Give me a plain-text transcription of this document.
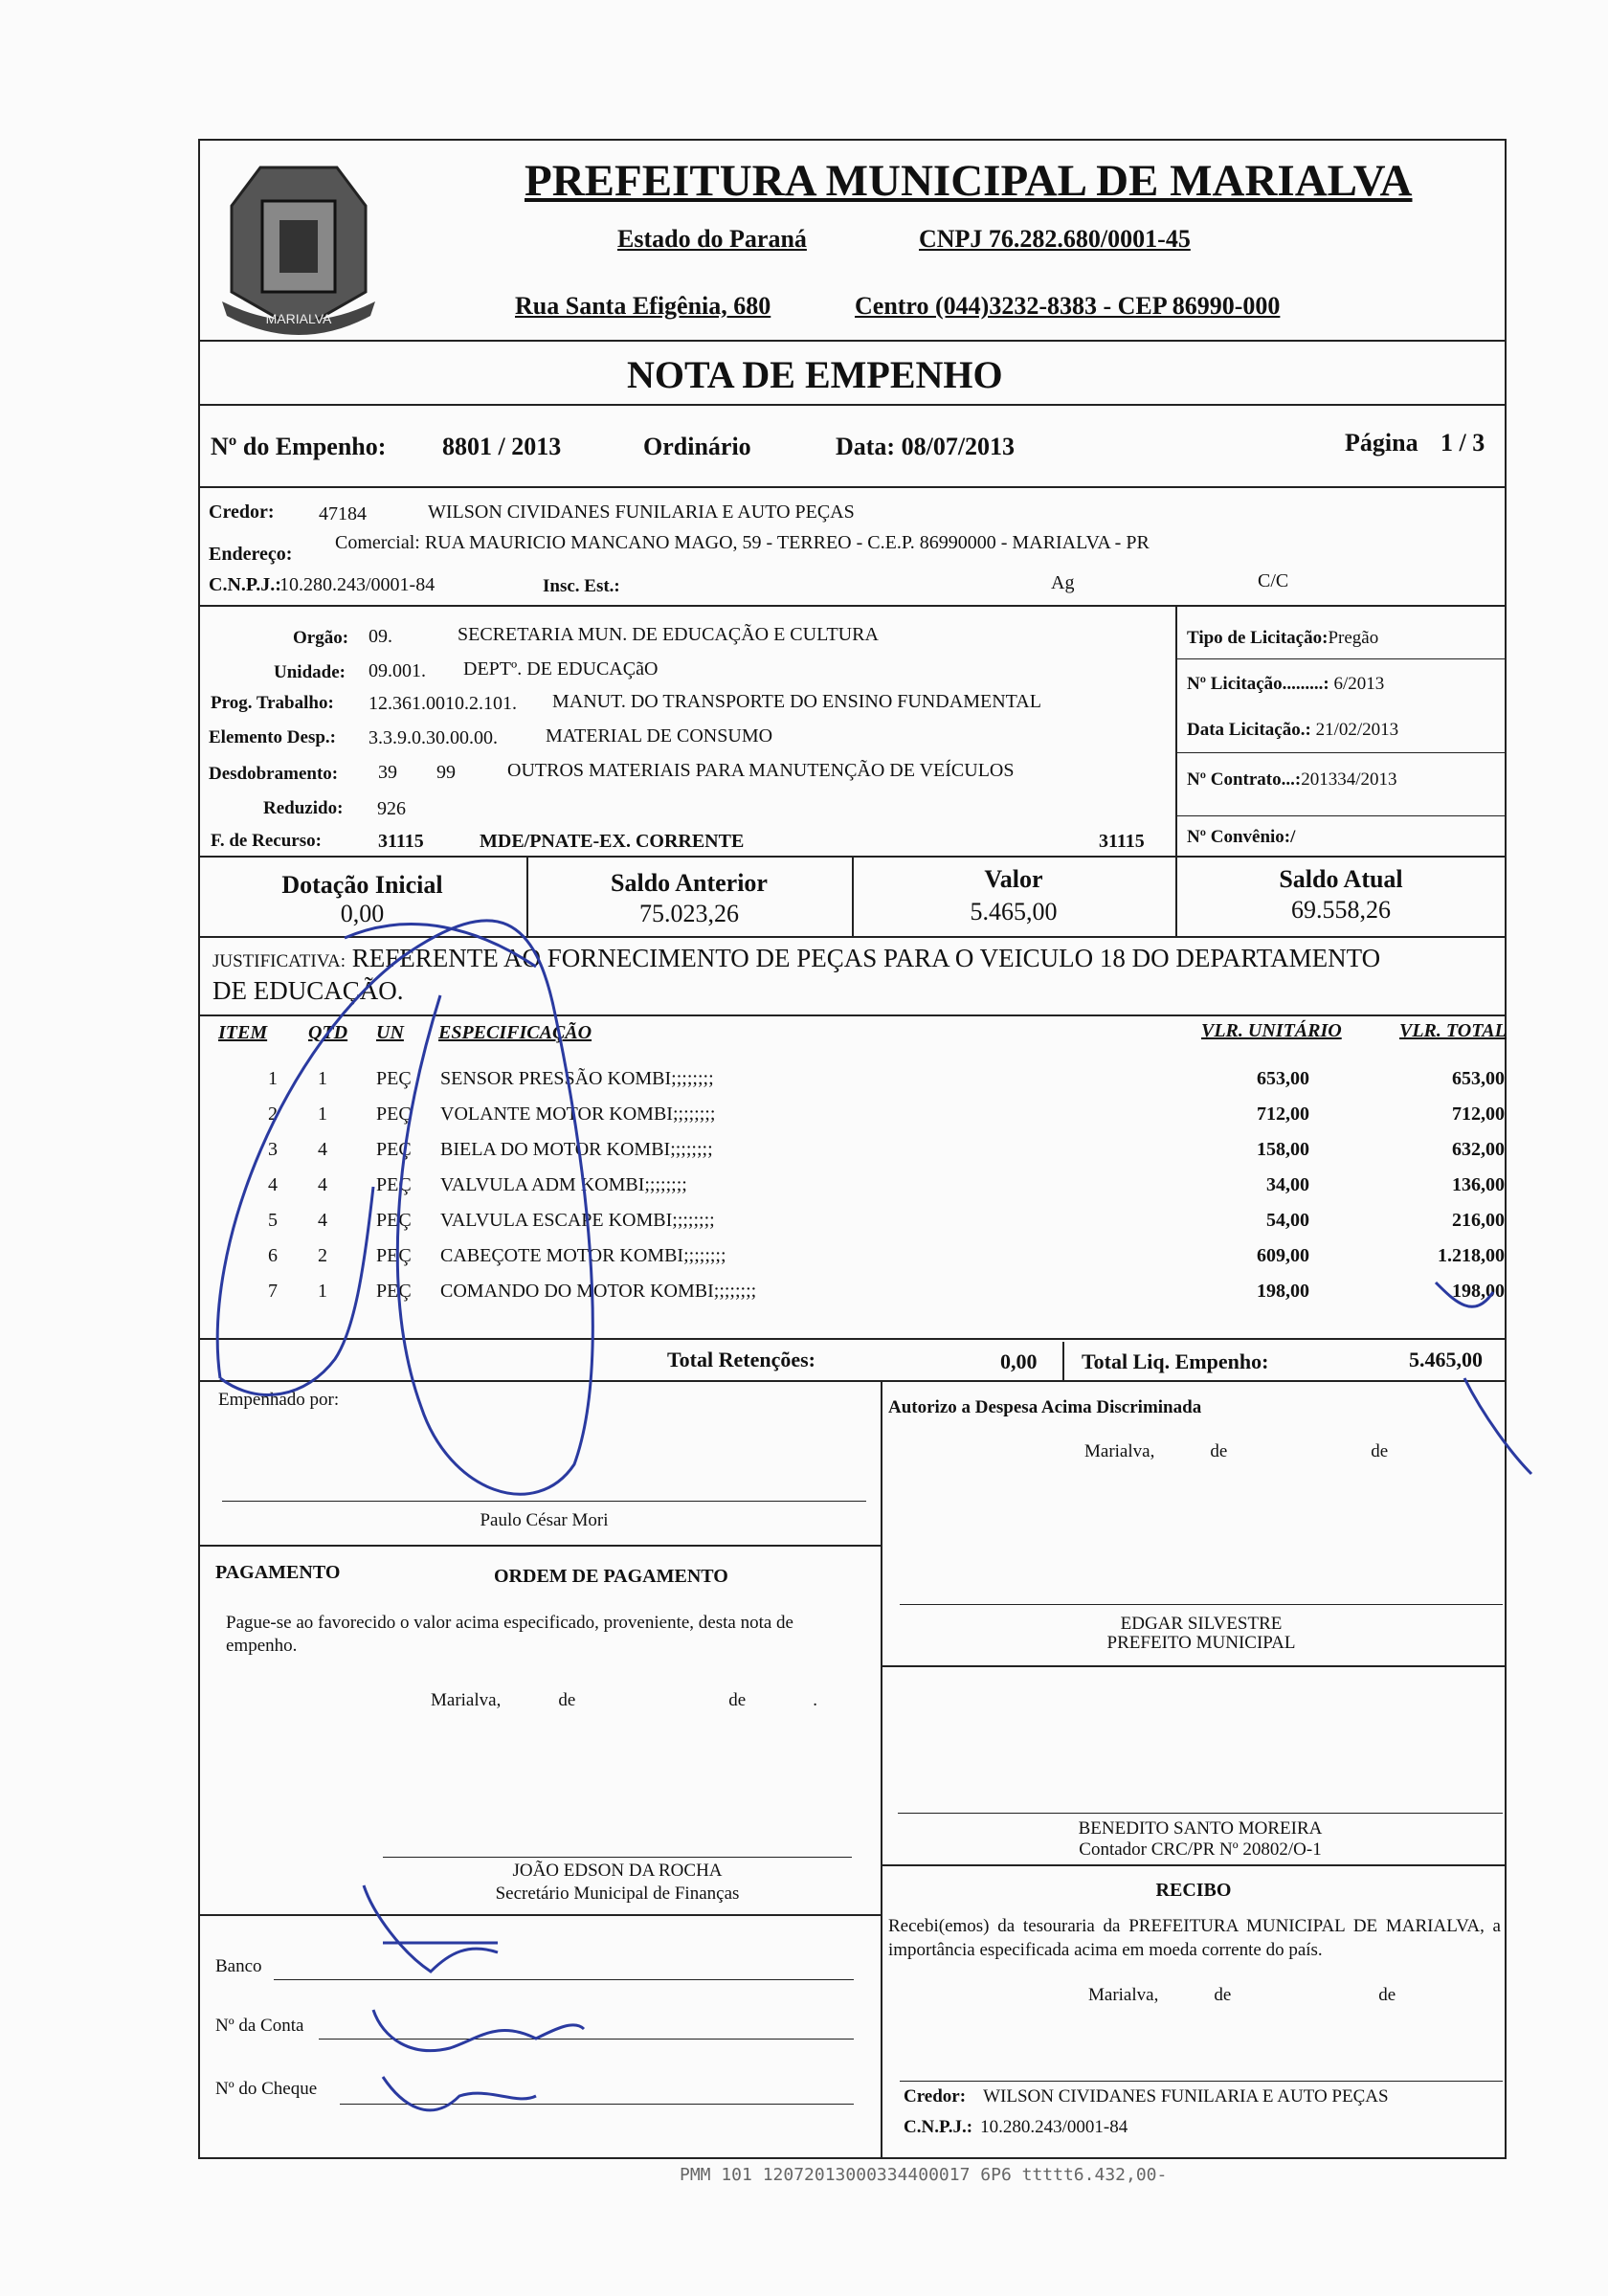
MARIALVA
PREFEITURA MUNICIPAL DE MARIALVA
Estado do Paraná	CNPJ 76.282.680/0001-45
Rua Santa Efigênia, 680	Centro (044)3232-8383 - CEP 86990-000
NOTA DE EMPENHO
Nº do Empenho: 8801 / 2013	Ordinário	Data: 08/07/2013	Página 1 / 3
Credor: 47184	WILSON CIVIDANES FUNILARIA E AUTO PEÇAS
Endereço:
Comercial: RUA MAURICIO MANCANO MAGO, 59 - TERREO - C.E.P. 86990000 - MARIALVA - PR
C.N.P.J.:
10.280.243/0001-84	Insc. Est.:	Ag	C/C
Orgão: 09.	SECRETARIA MUN. DE EDUCAÇÃO E CULTURA
Unidade: 09.001. DEPTº. DE EDUCAÇãO
Prog. Trabalho: 12.361.0010.2.101. MANUT. DO TRANSPORTE DO ENSINO FUNDAMENTAL
Elemento Desp.: 3.3.9.0.30.00.00.	MATERIAL DE CONSUMO
Desdobramento: 39 99	OUTROS MATERIAIS PARA MANUTENÇÃO DE VEÍCULOS
Reduzido: 926
F. de Recurso:	31115	MDE/PNATE-EX. CORRENTE	31115
Tipo de Licitação:Pregão
Nº Licitação.........: 6/2013
Data Licitação.: 21/02/2013
Nº Contrato...:201334/2013
Nº Convênio:/
Dotação Inicial
0,00
Saldo Anterior
75.023,26
Valor
5.465,00
Saldo Atual
69.558,26
JUSTIFICATIVA: REFERENTE AO FORNECIMENTO DE PEÇAS PARA O VEICULO 18 DO DEPARTAMENTO
DE EDUCAÇÃO.
ITEM QTD UN ESPECIFICAÇÃO	VLR. UNITÁRIO	VLR. TOTAL
1	1	PEÇ SENSOR PRESSÃO KOMBI;;;;;;;;	653,00	653,00
2	1	PEÇ VOLANTE MOTOR KOMBI;;;;;;;;	712,00	712,00
3	4	PEÇ BIELA DO MOTOR KOMBI;;;;;;;;	158,00	632,00
4	4	PEÇ VALVULA ADM KOMBI;;;;;;;;	34,00	136,00
5	4	PEÇ VALVULA ESCAPE KOMBI;;;;;;;;	54,00	216,00
6	2	PEÇ CABEÇOTE MOTOR KOMBI;;;;;;;;	609,00	1.218,00
7	1	PEÇ COMANDO DO MOTOR KOMBI;;;;;;;;	198,00	198,00
Total Retenções:	0,00 Total Liq. Empenho:	5.465,00
Empenhado por:	Autorizo a Despesa Acima Discriminada
Marialva,	de	de
Paulo César Mori
PAGAMENTO	ORDEM DE PAGAMENTO
Pague-se ao favorecido o valor acima especificado, proveniente, desta nota de empenho.
Marialva,	de	de	.
EDGAR SILVESTRE
PREFEITO MUNICIPAL
BENEDITO SANTO MOREIRA
Contador CRC/PR Nº 20802/O-1
RECIBO
Recebi(emos) da tesouraria da PREFEITURA MUNICIPAL DE MARIALVA, a importância especificada acima em moeda corrente do país.
Marialva,	de	de
Credor: WILSON CIVIDANES FUNILARIA E AUTO PEÇAS
C.N.P.J.: 10.280.243/0001-84
JOÃO EDSON DA ROCHA
Secretário Municipal de Finanças
Banco
Nº da Conta
Nº do Cheque
PMM 101 12072013000334400017 6P6 ttttt6.432,00-
